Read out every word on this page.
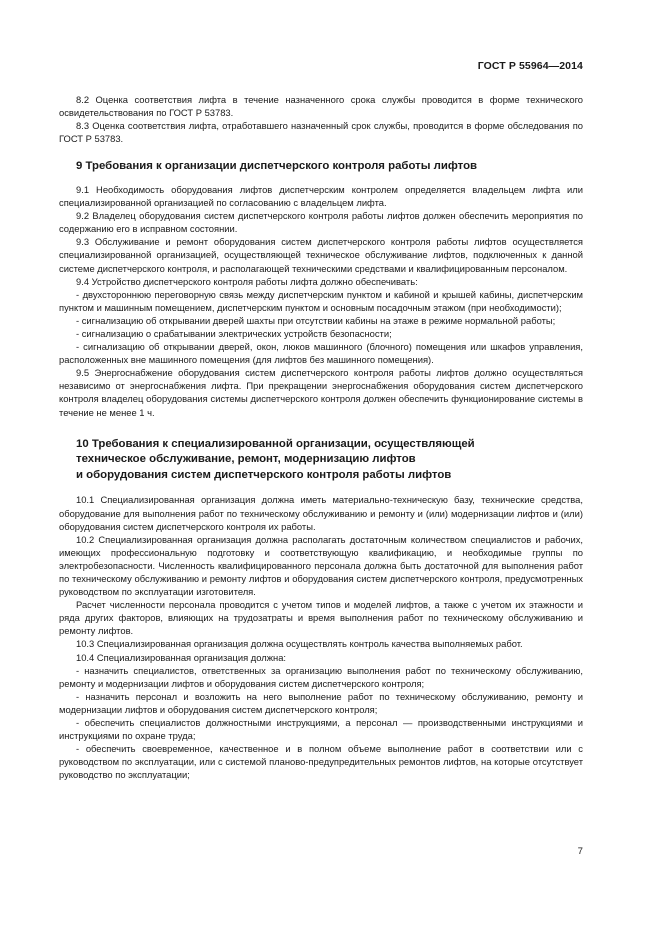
ГОСТ Р 55964—2014

8.2 Оценка соответствия лифта в течение назначенного срока службы проводится в форме технического освидетельствования по ГОСТ Р 53783.

8.3 Оценка соответствия лифта, отработавшего назначенный срок службы, проводится в форме обследования по ГОСТ Р 53783.

9 Требования к организации диспетчерского контроля работы лифтов

9.1 Необходимость оборудования лифтов диспетчерским контролем определяется владельцем лифта или специализированной организацией по согласованию с владельцем лифта.

9.2 Владелец оборудования систем диспетчерского контроля работы лифтов должен обеспечить мероприятия по содержанию его в исправном состоянии.

9.3 Обслуживание и ремонт оборудования систем диспетчерского контроля работы лифтов осуществляется специализированной организацией, осуществляющей техническое обслуживание лифтов, подключенных к данной системе диспетчерского контроля, и располагающей техническими средствами и квалифицированным персоналом.

9.4 Устройство диспетчерского контроля работы лифта должно обеспечивать:

- двухстороннюю переговорную связь между диспетчерским пунктом и кабиной и крышей кабины, диспетчерским пунктом и машинным помещением, диспетчерским пунктом и основным посадочным этажом (при необходимости);

- сигнализацию об открывании дверей шахты при отсутствии кабины на этаже в режиме нормальной работы;

- сигнализацию о срабатывании электрических устройств безопасности;

- сигнализацию об открывании дверей, окон, люков машинного (блочного) помещения или шкафов управления, расположенных вне машинного помещения (для лифтов без машинного помещения).

9.5 Энергоснабжение оборудования систем диспетчерского контроля работы лифтов должно осуществляться независимо от энергоснабжения лифта. При прекращении энергоснабжения оборудования систем диспетчерского контроля владелец оборудования системы диспетчерского контроля должен обеспечить функционирование системы в течение не менее 1 ч.

10 Требования к специализированной организации, осуществляющей
техническое обслуживание, ремонт, модернизацию лифтов
и оборудования систем диспетчерского контроля работы лифтов

10.1 Специализированная организация должна иметь материально-техническую базу, технические средства, оборудование для выполнения работ по техническому обслуживанию и ремонту и (или) модернизации лифтов и (или) оборудования систем диспетчерского контроля их работы.

10.2 Специализированная организация должна располагать достаточным количеством специалистов и рабочих, имеющих профессиональную подготовку и соответствующую квалификацию, и необходимые группы по электробезопасности. Численность квалифицированного персонала должна быть достаточной для выполнения работ по техническому обслуживанию и ремонту лифтов и оборудования систем диспетчерского контроля, предусмотренных руководством по эксплуатации изготовителя.

Расчет численности персонала проводится с учетом типов и моделей лифтов, а также с учетом их этажности и ряда других факторов, влияющих на трудозатраты и время выполнения работ по техническому обслуживанию и ремонту лифтов.

10.3 Специализированная организация должна осуществлять контроль качества выполняемых работ.

10.4 Специализированная организация должна:

- назначить специалистов, ответственных за организацию выполнения работ по техническому обслуживанию, ремонту и модернизации лифтов и оборудования систем диспетчерского контроля;

- назначить персонал и возложить на него выполнение работ по техническому обслуживанию, ремонту и модернизации лифтов и оборудования систем диспетчерского контроля;

- обеспечить специалистов должностными инструкциями, а персонал — производственными инструкциями и инструкциями по охране труда;

- обеспечить своевременное, качественное и в полном объеме выполнение работ в соответствии или с руководством по эксплуатации, или с системой планово-предупредительных ремонтов лифтов, на которые отсутствует руководство по эксплуатации;

7
